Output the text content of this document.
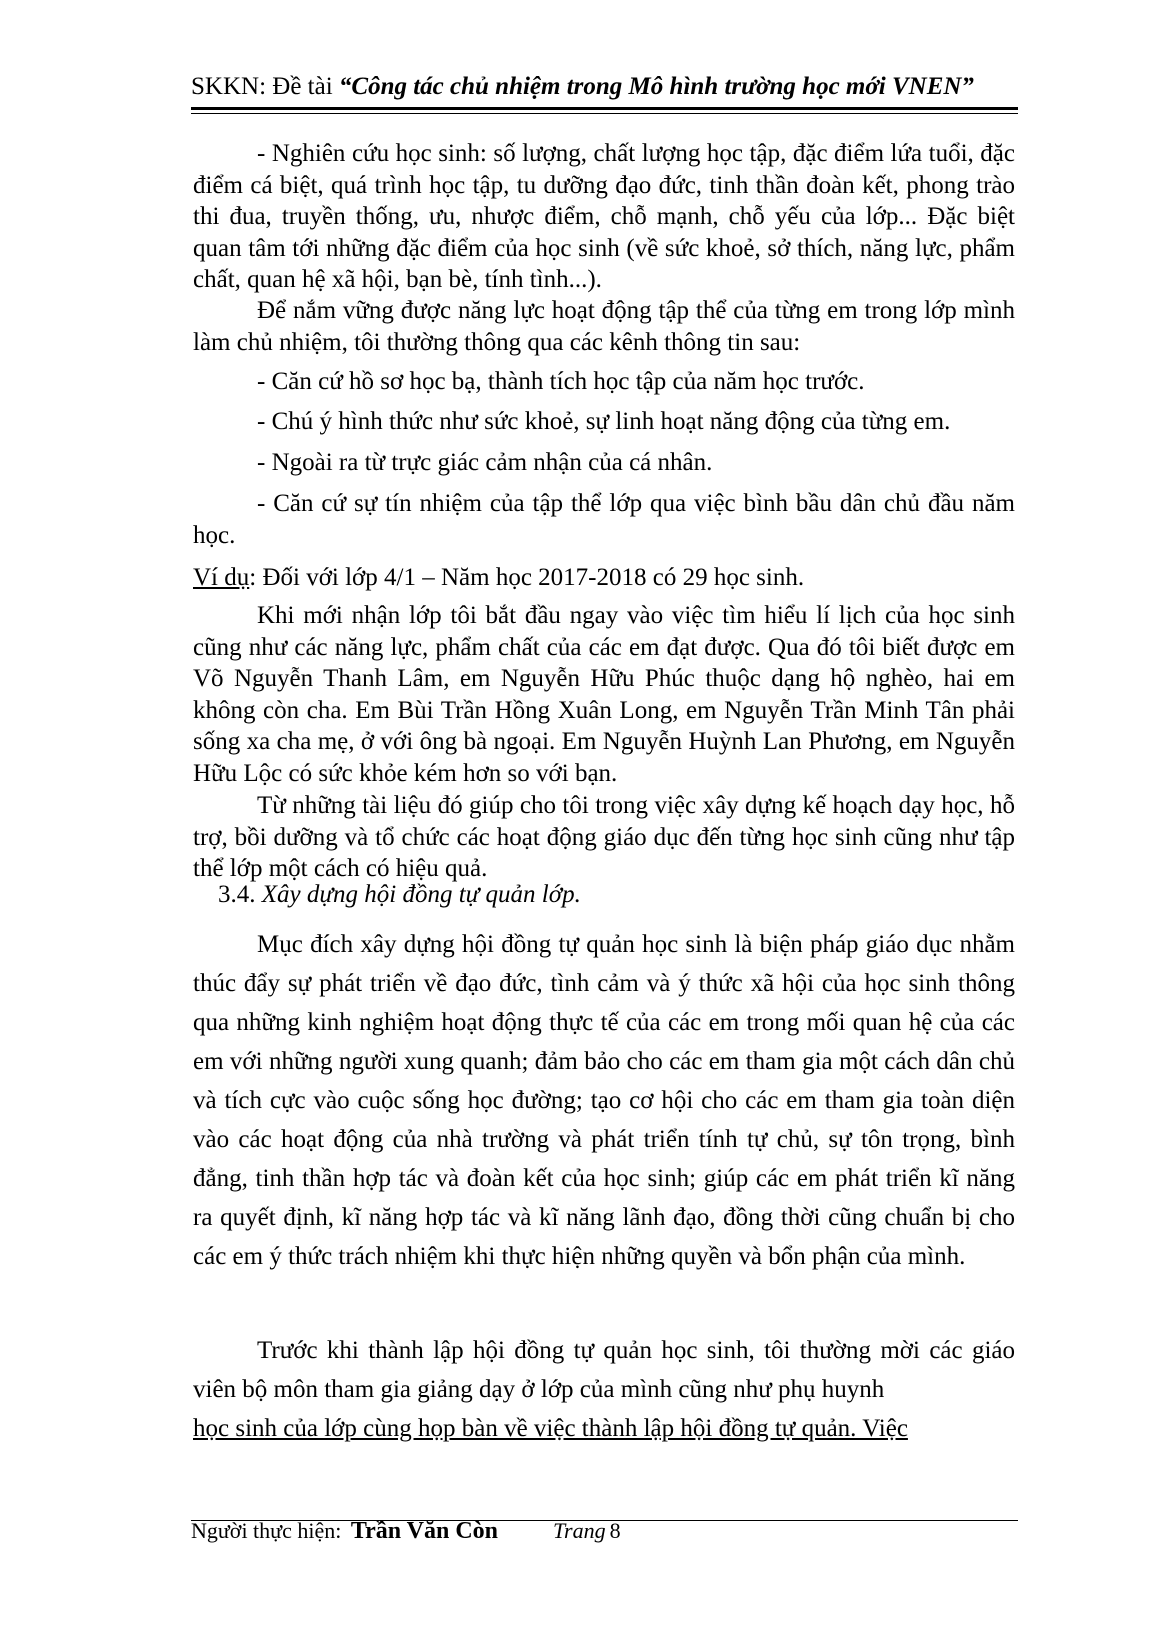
SKKN: Đề tài “Công tác chủ nhiệm trong Mô hình trường học mới VNEN”

- Nghiên cứu học sinh: số lượng, chất lượng học tập, đặc điểm lứa tuổi, đặc điểm cá biệt, quá trình học tập, tu dưỡng đạo đức, tinh thần đoàn kết, phong trào thi đua, truyền thống, ưu, nhược điểm, chỗ mạnh, chỗ yếu của lớp... Đặc biệt quan tâm tới những đặc điểm của học sinh (về sức khoẻ, sở thích, năng lực, phẩm chất, quan hệ xã hội, bạn bè, tính tình...).

Để nắm vững được năng lực hoạt động tập thể của từng em trong lớp mình làm chủ nhiệm, tôi thường thông qua các kênh thông tin sau:

- Căn cứ hồ sơ học bạ, thành tích học tập của năm học trước.

- Chú ý hình thức như sức khoẻ, sự linh hoạt năng động của từng em.

- Ngoài ra từ trực giác cảm nhận của cá nhân.

- Căn cứ sự tín nhiệm của tập thể lớp qua việc bình bầu dân chủ đầu năm học.

Ví dụ: Đối với lớp 4/1 – Năm học 2017-2018 có 29 học sinh.

Khi mới nhận lớp tôi bắt đầu ngay vào việc tìm hiểu lí lịch của học sinh cũng như các năng lực, phẩm chất của các em đạt được. Qua đó tôi biết được em Võ Nguyễn Thanh Lâm, em Nguyễn Hữu Phúc thuộc dạng hộ nghèo, hai em không còn cha. Em Bùi Trần Hồng Xuân Long, em Nguyễn Trần Minh Tân phải sống xa cha mẹ, ở với ông bà ngoại. Em Nguyễn Huỳnh Lan Phương, em Nguyễn Hữu Lộc có sức khỏe kém hơn so với bạn.

Từ những tài liệu đó giúp cho tôi trong việc xây dựng kế hoạch dạy học, hỗ trợ, bồi dưỡng và tổ chức các hoạt động giáo dục đến từng học sinh cũng như tập thể lớp một cách có hiệu quả.

3.4. Xây dựng hội đồng tự quản lớp.

Mục đích xây dựng hội đồng tự quản học sinh là biện pháp giáo dục nhằm thúc đẩy sự phát triển về đạo đức, tình cảm và ý thức xã hội của học sinh thông qua những kinh nghiệm hoạt động thực tế của các em trong mối quan hệ của các em với những người xung quanh; đảm bảo cho các em tham gia một cách dân chủ và tích cực vào cuộc sống học đường; tạo cơ hội cho các em tham gia toàn diện vào các hoạt động của nhà trường và phát triển tính tự chủ, sự tôn trọng, bình đẳng, tinh thần hợp tác và đoàn kết của học sinh; giúp các em phát triển kĩ năng ra quyết định, kĩ năng hợp tác và kĩ năng lãnh đạo, đồng thời cũng chuẩn bị cho các em ý thức trách nhiệm khi thực hiện những quyền và bổn phận của mình.

Trước khi thành lập hội đồng tự quản học sinh, tôi thường mời các giáo viên bộ môn tham gia giảng dạy ở lớp của mình cũng như phụ huynh

học sinh của lớp cùng họp bàn về việc thành lập hội đồng tự quản. Việc

Người thực hiện: Trần Văn Còn	Trang 8
